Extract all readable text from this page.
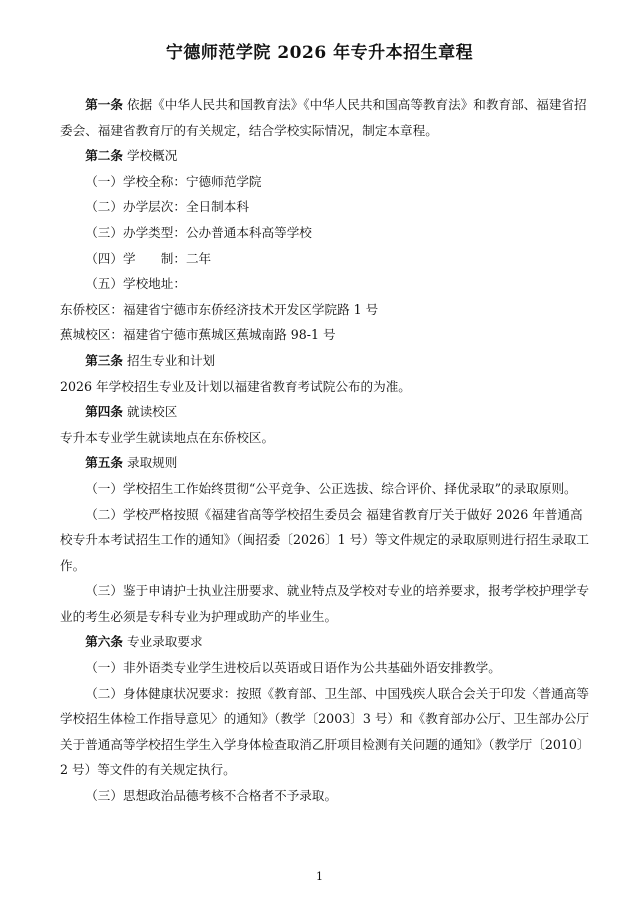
宁德师范学院 2026 年专升本招生章程

第一条 依据《中华人民共和国教育法》《中华人民共和国高等教育法》和教育部、福建省招委会、福建省教育厅的有关规定，结合学校实际情况，制定本章程。

第二条 学校概况

（一）学校全称：宁德师范学院

（二）办学层次：全日制本科

（三）办学类型：公办普通本科高等学校

（四）学　　制：二年

（五）学校地址：

东侨校区：福建省宁德市东侨经济技术开发区学院路 1 号

蕉城校区：福建省宁德市蕉城区蕉城南路 98-1 号

第三条 招生专业和计划

2026 年学校招生专业及计划以福建省教育考试院公布的为准。

第四条 就读校区

专升本专业学生就读地点在东侨校区。

第五条 录取规则

（一）学校招生工作始终贯彻“公平竞争、公正选拔、综合评价、择优录取”的录取原则。

（二）学校严格按照《福建省高等学校招生委员会 福建省教育厅关于做好 2026 年普通高校专升本考试招生工作的通知》（闽招委〔2026〕1 号）等文件规定的录取原则进行招生录取工作。

（三）鉴于申请护士执业注册要求、就业特点及学校对专业的培养要求，报考学校护理学专业的考生必须是专科专业为护理或助产的毕业生。

第六条 专业录取要求

（一）非外语类专业学生进校后以英语或日语作为公共基础外语安排教学。

（二）身体健康状况要求：按照《教育部、卫生部、中国残疾人联合会关于印发〈普通高等学校招生体检工作指导意见〉的通知》（教学〔2003〕3 号）和《教育部办公厅、卫生部办公厅关于普通高等学校招生学生入学身体检查取消乙肝项目检测有关问题的通知》（教学厅〔2010〕2 号）等文件的有关规定执行。

（三）思想政治品德考核不合格者不予录取。

1
